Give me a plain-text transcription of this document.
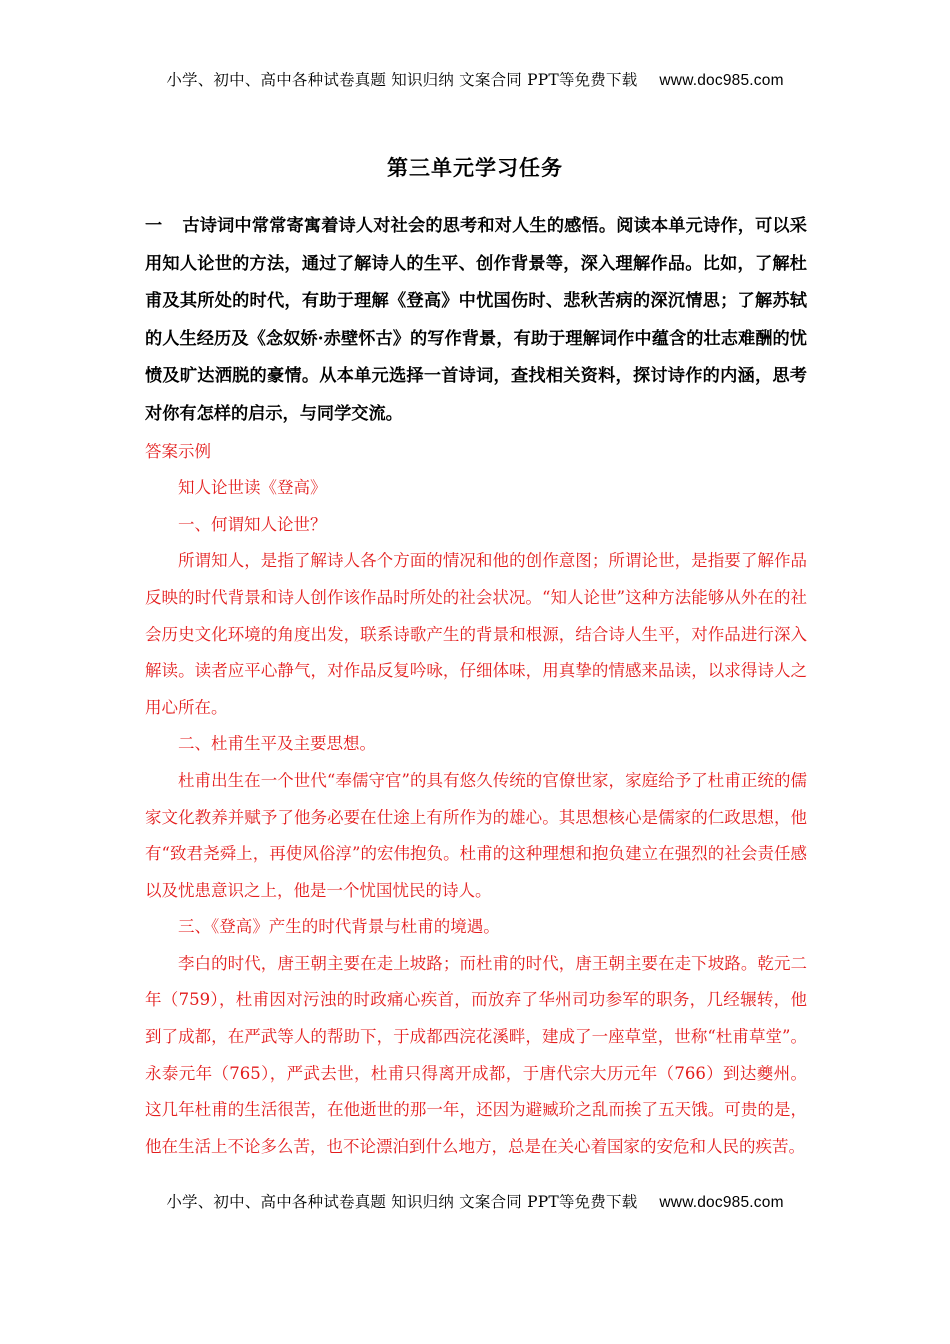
小学、初中、高中各种试卷真题 知识归纳 文案合同 PPT等免费下载 www.doc985.com
第三单元学习任务

一 古诗词中常常寄寓着诗人对社会的思考和对人生的感悟。阅读本单元诗作，可以采用知人论世的方法，通过了解诗人的生平、创作背景等，深入理解作品。比如，了解杜甫及其所处的时代，有助于理解《登高》中忧国伤时、悲秋苦病的深沉情思；了解苏轼的人生经历及《念奴娇·赤壁怀古》的写作背景，有助于理解词作中蕴含的壮志难酬的忧愤及旷达洒脱的豪情。从本单元选择一首诗词，查找相关资料，探讨诗作的内涵，思考对你有怎样的启示，与同学交流。

答案示例

知人论世读《登高》

一、何谓知人论世？

所谓知人，是指了解诗人各个方面的情况和他的创作意图；所谓论世，是指要了解作品反映的时代背景和诗人创作该作品时所处的社会状况。“知人论世”这种方法能够从外在的社会历史文化环境的角度出发，联系诗歌产生的背景和根源，结合诗人生平，对作品进行深入解读。读者应平心静气，对作品反复吟咏，仔细体味，用真挚的情感来品读，以求得诗人之用心所在。

二、杜甫生平及主要思想。

杜甫出生在一个世代“奉儒守官”的具有悠久传统的官僚世家，家庭给予了杜甫正统的儒家文化教养并赋予了他务必要在仕途上有所作为的雄心。其思想核心是儒家的仁政思想，他有“致君尧舜上，再使风俗淳”的宏伟抱负。杜甫的这种理想和抱负建立在强烈的社会责任感以及忧患意识之上，他是一个忧国忧民的诗人。

三、《登高》产生的时代背景与杜甫的境遇。

李白的时代，唐王朝主要在走上坡路；而杜甫的时代，唐王朝主要在走下坡路。乾元二年（759），杜甫因对污浊的时政痛心疾首，而放弃了华州司功参军的职务，几经辗转，他到了成都，在严武等人的帮助下，于成都西浣花溪畔，建成了一座草堂，世称“杜甫草堂”。永泰元年（765），严武去世，杜甫只得离开成都，于唐代宗大历元年（766）到达夔州。这几年杜甫的生活很苦，在他逝世的那一年，还因为避臧玠之乱而挨了五天饿。可贵的是，他在生活上不论多么苦，也不论漂泊到什么地方，总是在关心着国家的安危和人民的疾苦。

小学、初中、高中各种试卷真题 知识归纳 文案合同 PPT等免费下载 www.doc985.com
